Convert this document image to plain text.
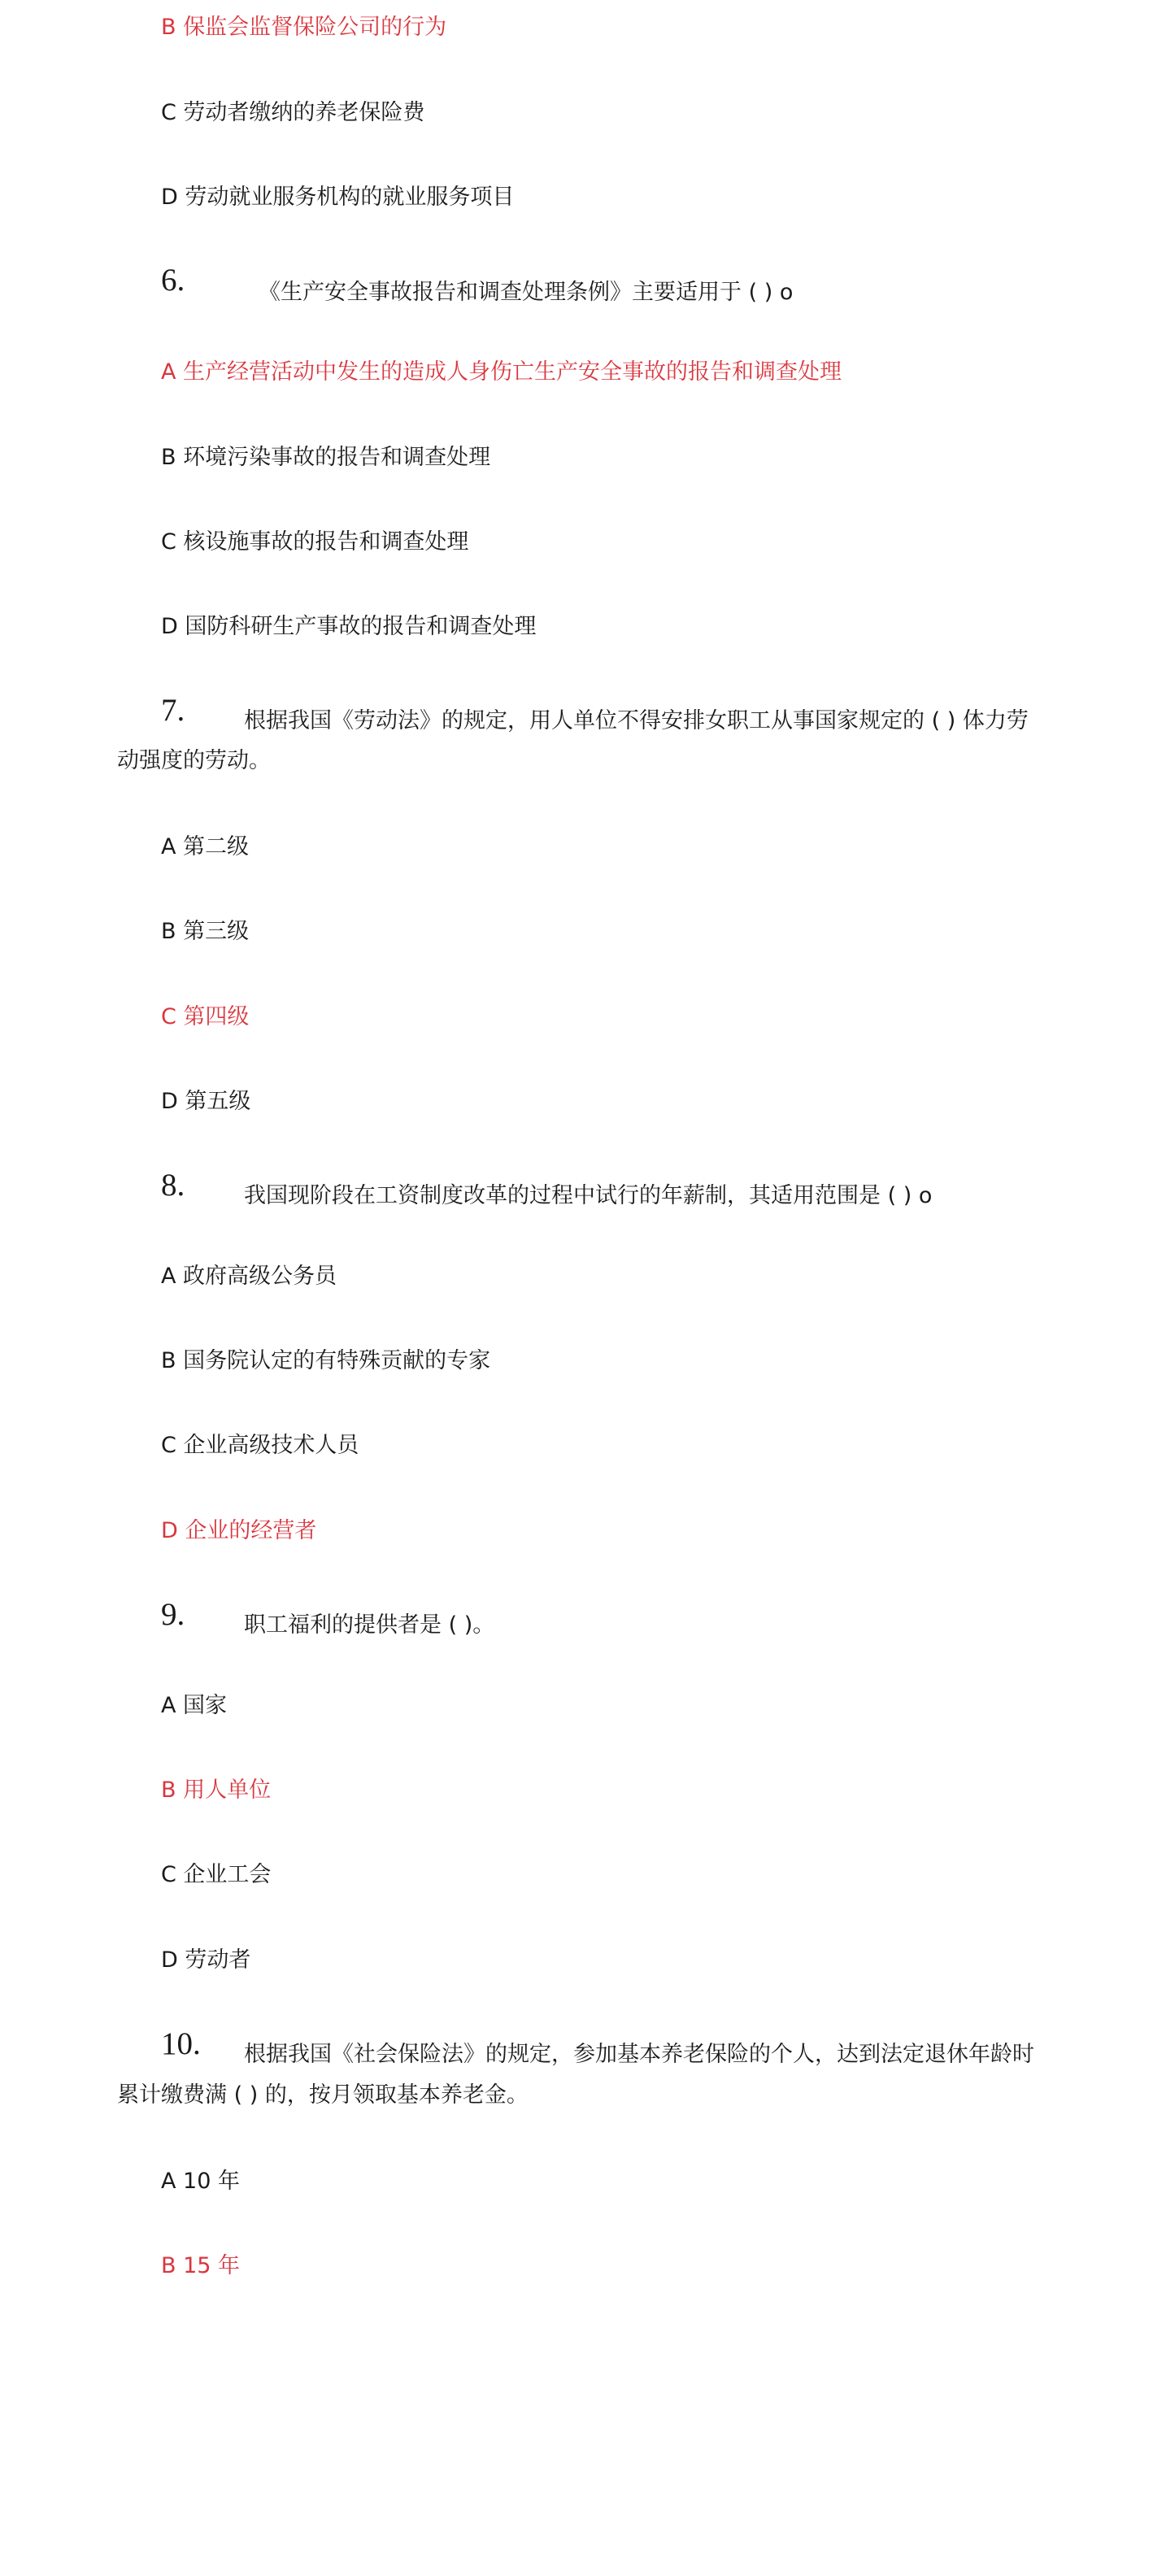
B 保监会监督保险公司的行为
C 劳动者缴纳的养老保险费
D 劳动就业服务机构的就业服务项目
6.	《生产安全事故报告和调查处理条例》主要适用于 ( ) o
A 生产经营活动中发生的造成人身伤亡生产安全事故的报告和调查处理
B 环境污染事故的报告和调查处理
C 核设施事故的报告和调查处理
D 国防科研生产事故的报告和调查处理
7.	根据我国《劳动法》的规定，用人单位不得安排女职工从事国家规定的 ( ) 体力劳
动强度的劳动。
A 第二级
B 第三级
C 第四级
D 第五级
8.	我国现阶段在工资制度改革的过程中试行的年薪制，其适用范围是 ( ) o
A 政府高级公务员
B 国务院认定的有特殊贡献的专家
C 企业高级技术人员
D 企业的经营者
9.	职工福利的提供者是 ( )。
A 国家
B 用人单位
C 企业工会
D 劳动者
10. 根据我国《社会保险法》的规定，参加基本养老保险的个人，达到法定退休年龄时
累计缴费满 ( ) 的，按月领取基本养老金。
A 10 年
B 15 年
